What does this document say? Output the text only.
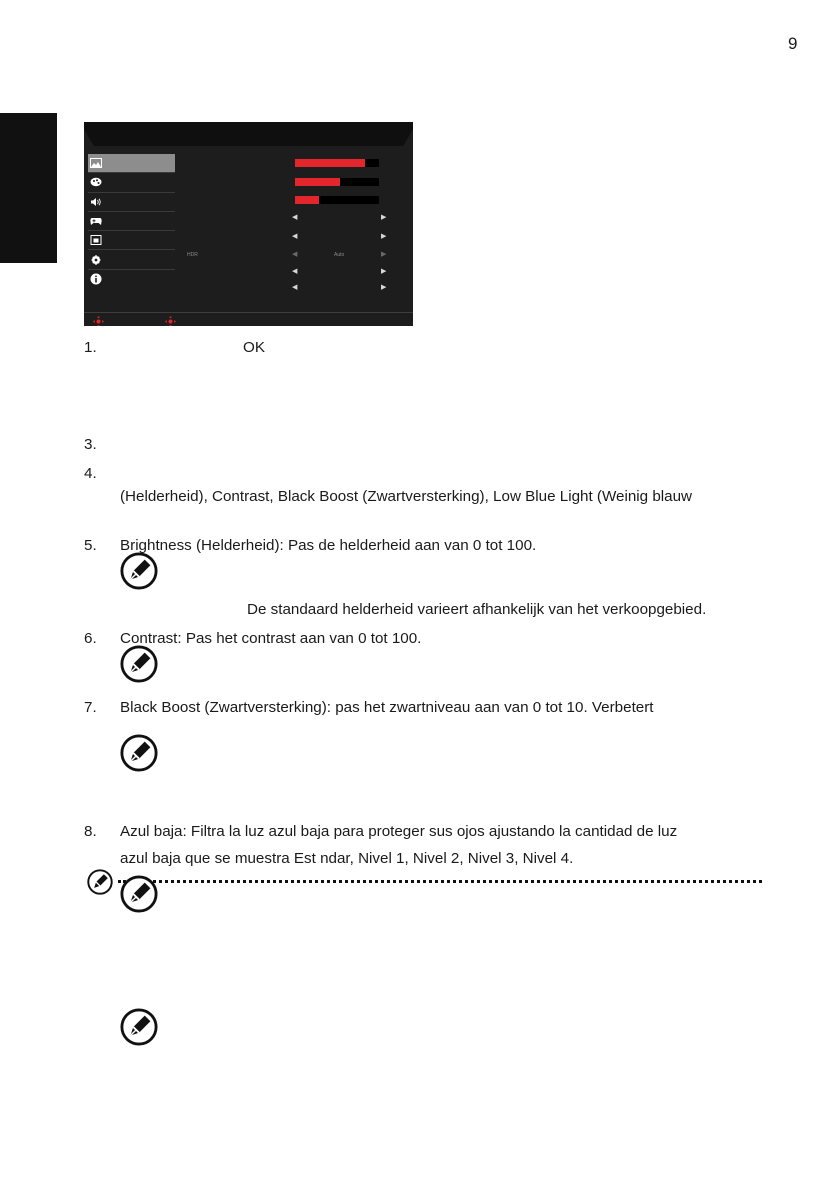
9
◀	▶
◀	▶
HDR	◀	Auto	▶
◀	▶
◀	▶
1.	OK
3.
4.
(Helderheid), Contrast, Black Boost (Zwartversterking), Low Blue Light (Weinig blauw
5. Brightness (Helderheid): Pas de helderheid aan van 0 tot 100.
De standaard helderheid varieert afhankelijk van het verkoopgebied.
6. Contrast: Pas het contrast aan van 0 tot 100.
7. Black Boost (Zwartversterking): pas het zwartniveau aan van 0 tot 10. Verbetert
8. Azul baja: Filtra la luz azul baja para proteger sus ojos ajustando la cantidad de luz
azul baja que se muestra Est ndar, Nivel 1, Nivel 2, Nivel 3, Nivel 4.
